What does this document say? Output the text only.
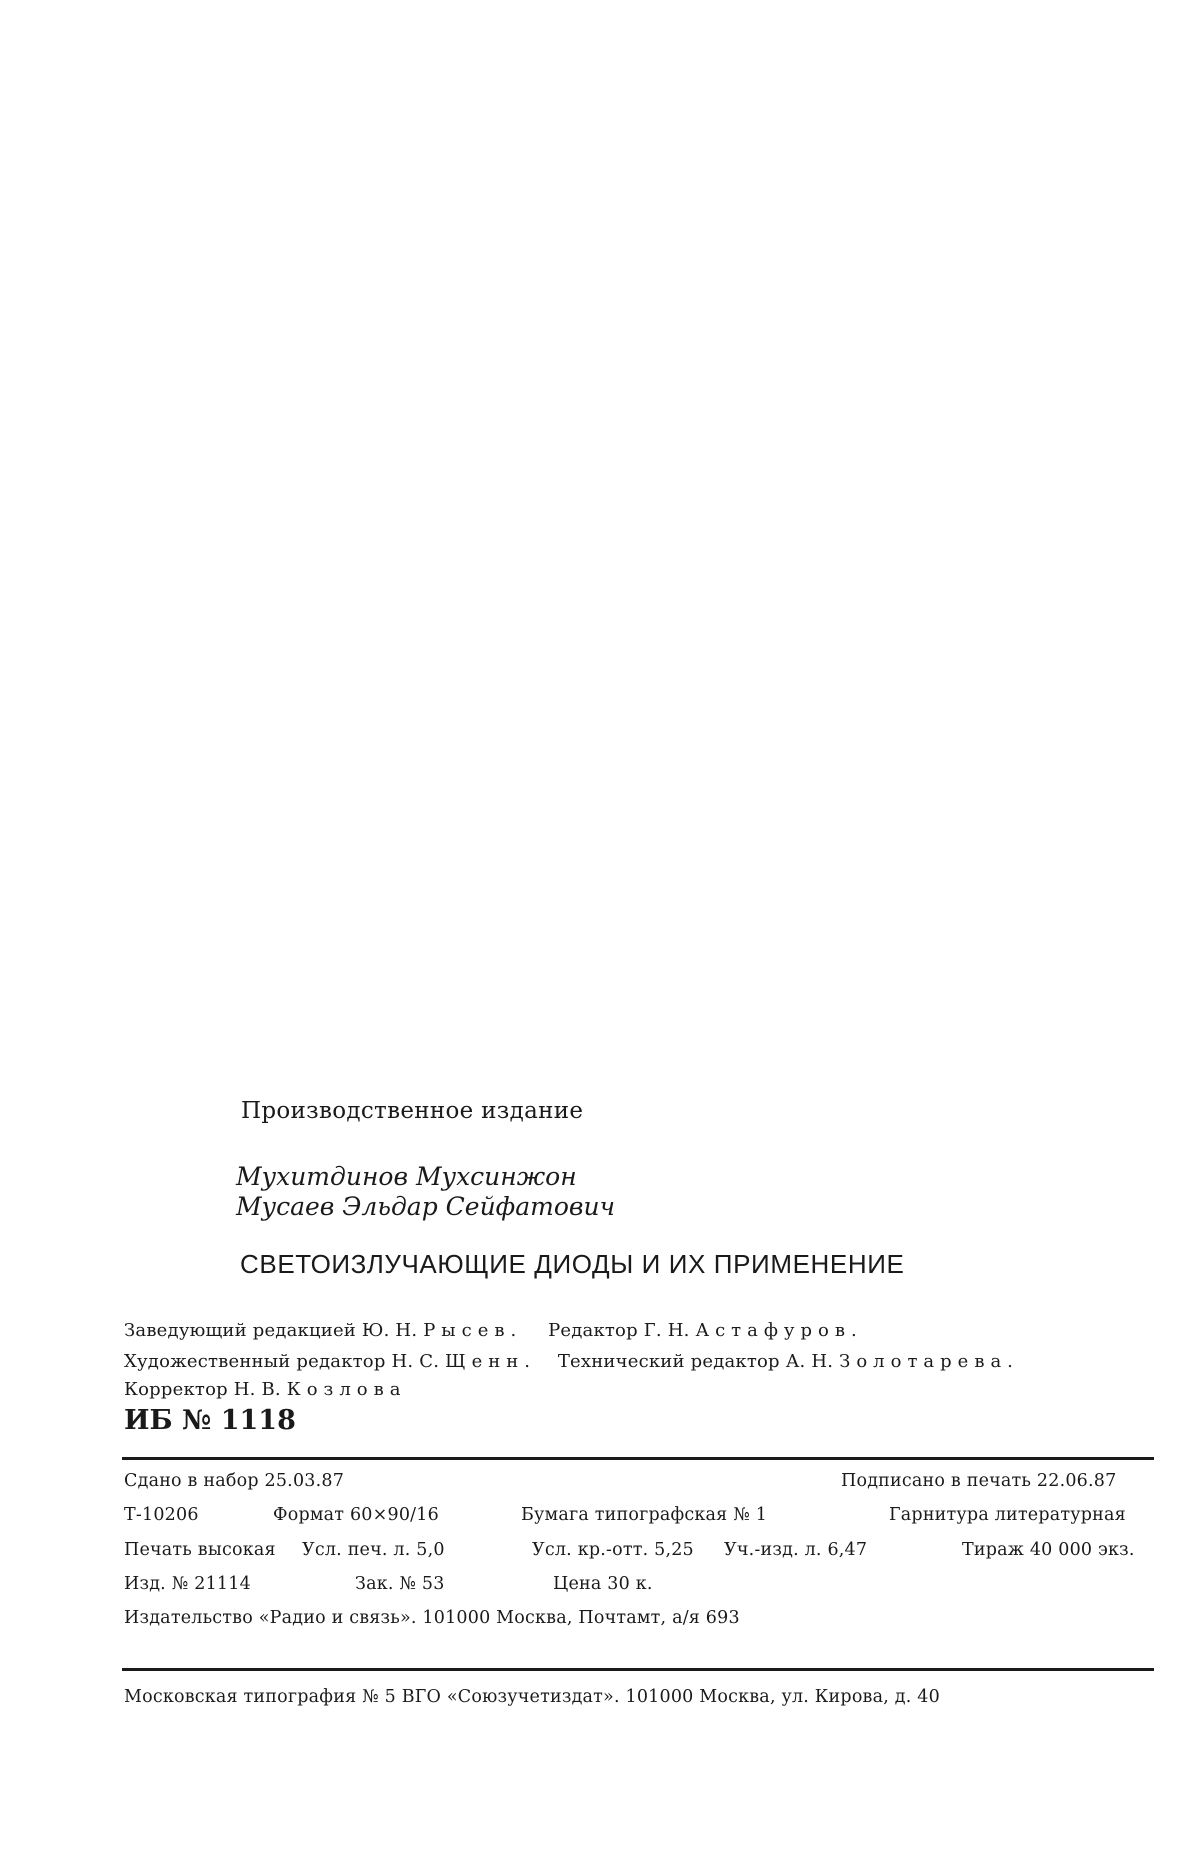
Производственное издание
Мухитдинов Мухсинжон
Мусаев Эльдар Сейфатович
СВЕТОИЗЛУЧАЮЩИЕ ДИОДЫ И ИХ ПРИМЕНЕНИЕ
Заведующий редакцией Ю. Н. Рысев. Редактор Г. Н. Астафуров.
Художественный редактор Н. С. Щенн. Технический редактор А. Н. Золотарева.
Корректор Н. В. Козлова
ИБ № 1118
Сдано в набор 25.03.87	Подписано в печать 22.06.87
Т-10206	Формат 60×90/16	Бумага типографская № 1	Гарнитура литературная
Печать высокая Усл. печ. л. 5,0	Усл. кр.-отт. 5,25 Уч.-изд. л. 6,47	Тираж 40 000 экз.
Изд. № 21114	Зак. № 53	Цена 30 к.
Издательство «Радио и связь». 101000 Москва, Почтамт, а/я 693
Московская типография № 5 ВГО «Союзучетиздат». 101000 Москва, ул. Кирова, д. 40
